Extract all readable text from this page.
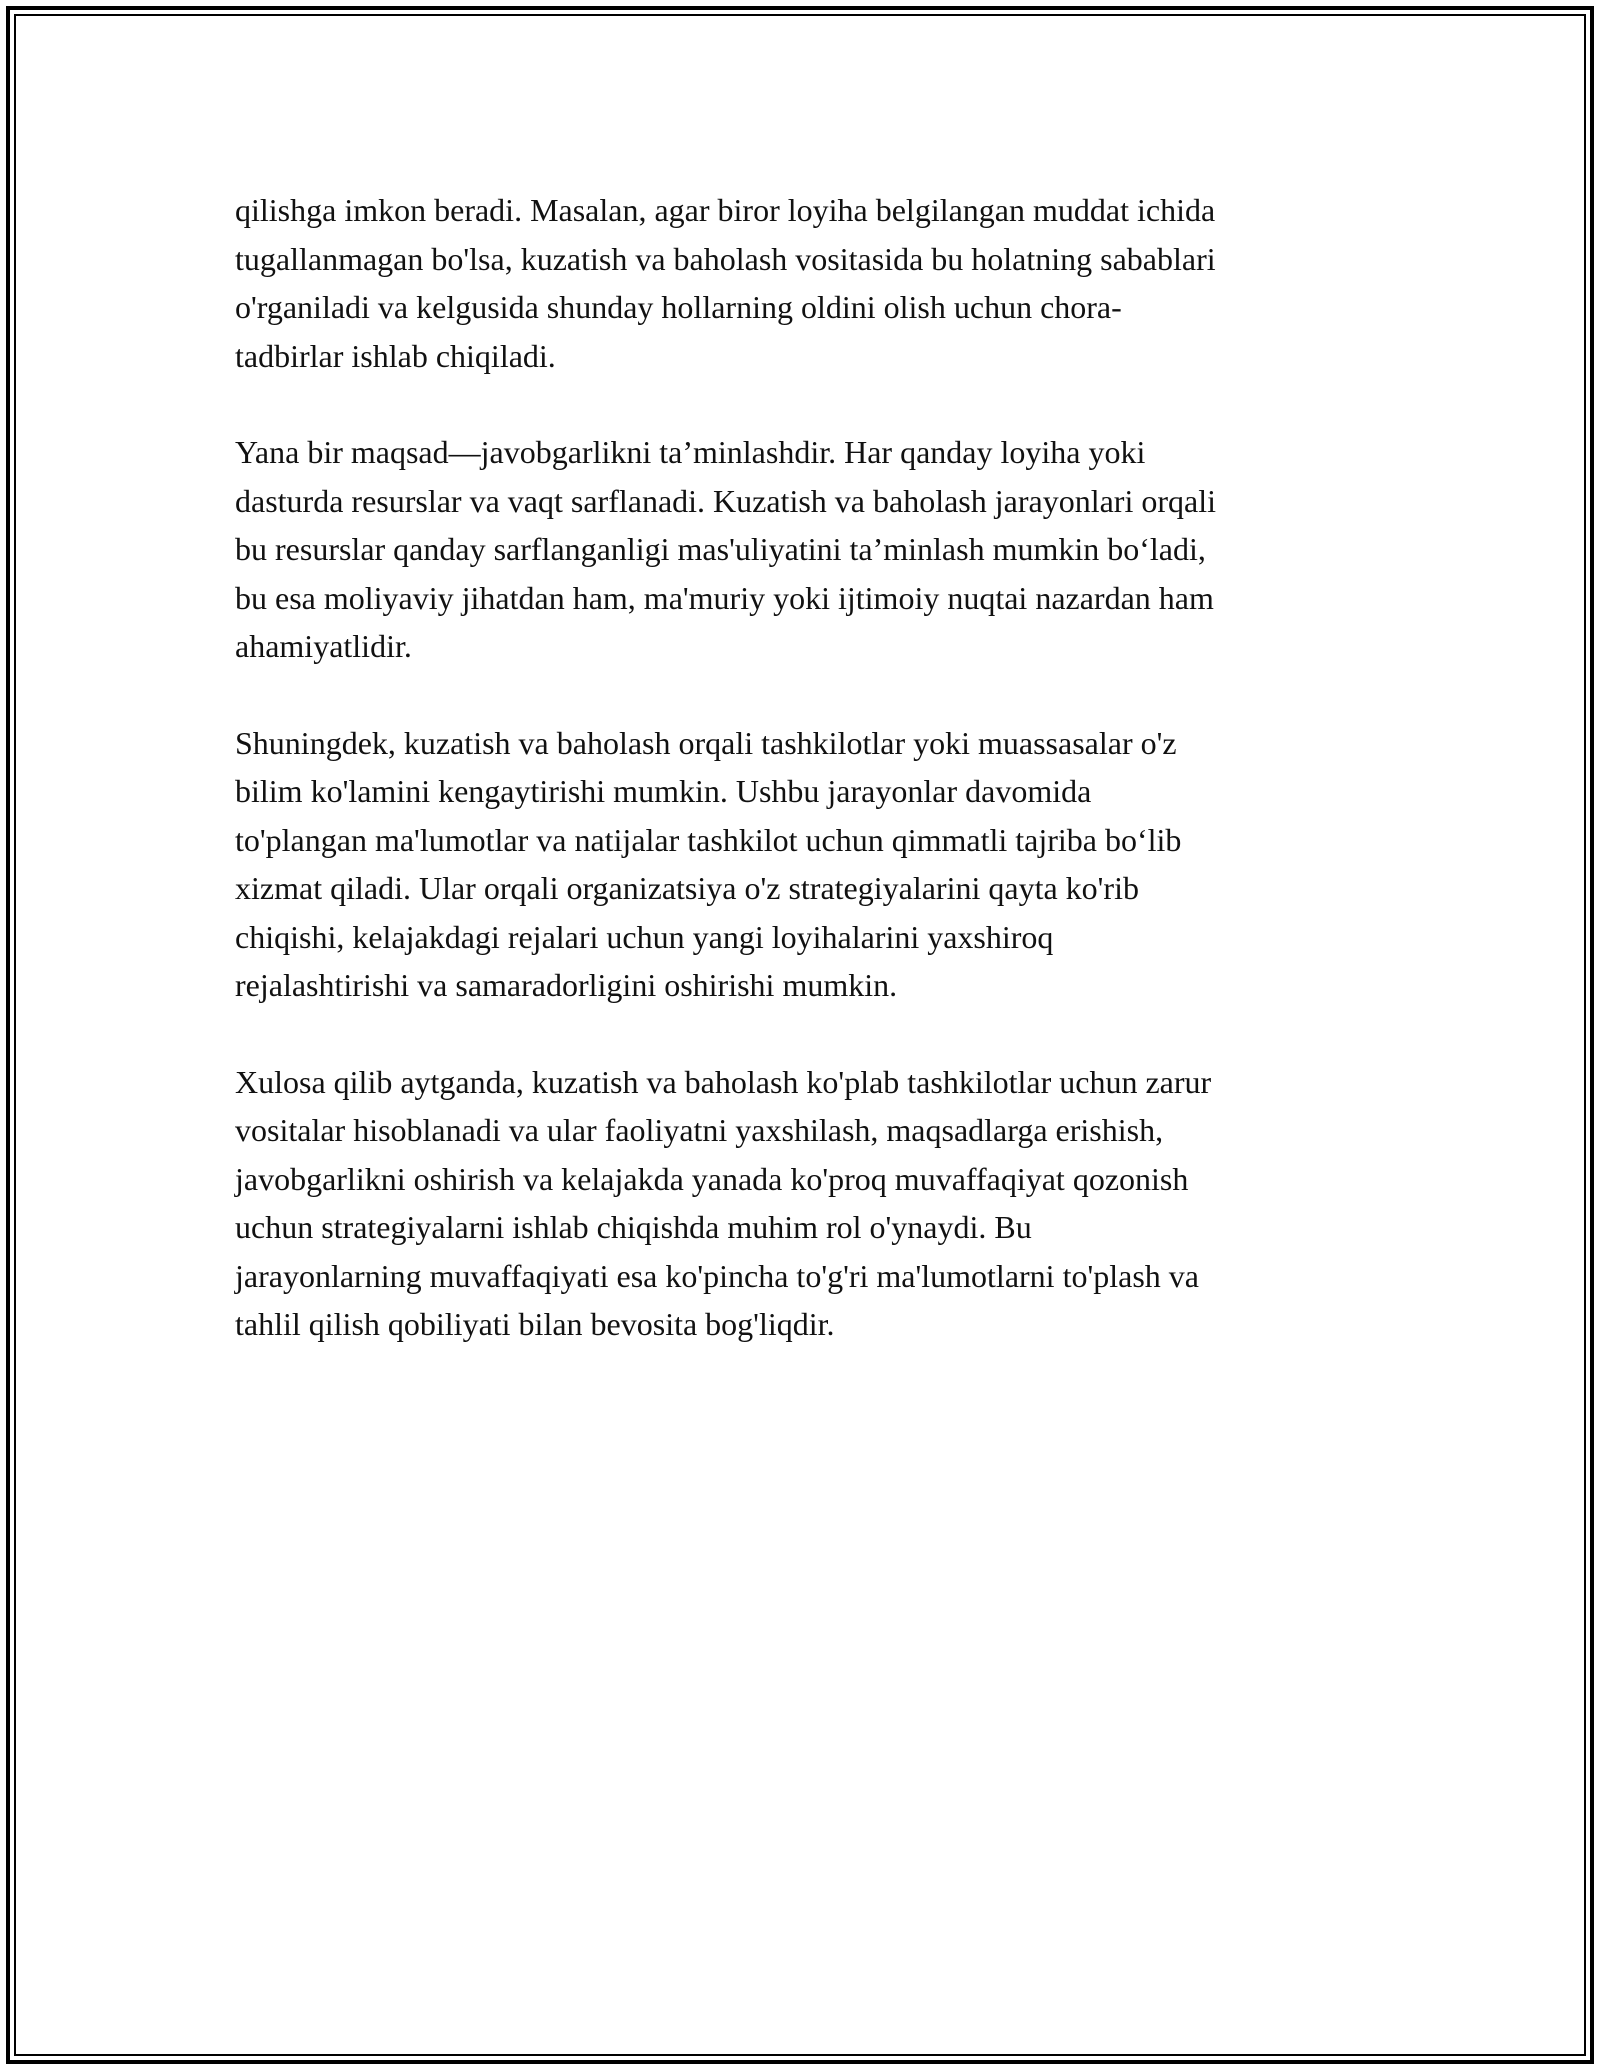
qilishga imkon beradi. Masalan, agar biror loyiha belgilangan muddat ichida
tugallanmagan bo'lsa, kuzatish va baholash vositasida bu holatning sabablari
o'rganiladi va kelgusida shunday hollarning oldini olish uchun chora-
tadbirlar ishlab chiqiladi.

Yana bir maqsad—javobgarlikni ta’minlashdir. Har qanday loyiha yoki
dasturda resurslar va vaqt sarflanadi. Kuzatish va baholash jarayonlari orqali
bu resurslar qanday sarflanganligi mas'uliyatini ta’minlash mumkin bo‘ladi,
bu esa moliyaviy jihatdan ham, ma'muriy yoki ijtimoiy nuqtai nazardan ham
ahamiyatlidir.

Shuningdek, kuzatish va baholash orqali tashkilotlar yoki muassasalar o'z
bilim ko'lamini kengaytirishi mumkin. Ushbu jarayonlar davomida
to'plangan ma'lumotlar va natijalar tashkilot uchun qimmatli tajriba bo‘lib
xizmat qiladi. Ular orqali organizatsiya o'z strategiyalarini qayta ko'rib
chiqishi, kelajakdagi rejalari uchun yangi loyihalarini yaxshiroq
rejalashtirishi va samaradorligini oshirishi mumkin.

Xulosa qilib aytganda, kuzatish va baholash ko'plab tashkilotlar uchun zarur
vositalar hisoblanadi va ular faoliyatni yaxshilash, maqsadlarga erishish,
javobgarlikni oshirish va kelajakda yanada ko'proq muvaffaqiyat qozonish
uchun strategiyalarni ishlab chiqishda muhim rol o'ynaydi. Bu
jarayonlarning muvaffaqiyati esa ko'pincha to'g'ri ma'lumotlarni to'plash va
tahlil qilish qobiliyati bilan bevosita bog'liqdir.
